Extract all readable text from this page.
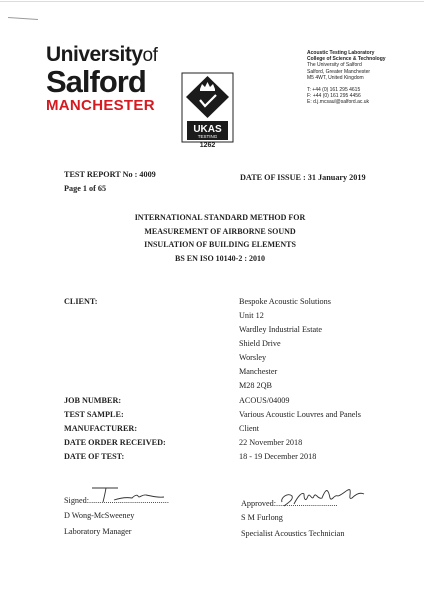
Universityof
Salford
MANCHESTER
UKAS
TESTING
1262
Acoustic Testing Laboratory
College of Science & Technology
The University of Salford
Salford, Greater Manchester
M5 4WT, United Kingdom
T: +44 (0) 161 295 4615
F: +44 (0) 161 295 4456
E: d.j.mcsaul@salford.ac.uk
TEST REPORT No : 4009
Page 1 of 65
DATE OF ISSUE : 31 January 2019
INTERNATIONAL STANDARD METHOD FOR
MEASUREMENT OF AIRBORNE SOUND
INSULATION OF BUILDING ELEMENTS
BS EN ISO 10140-2 : 2010
CLIENT:
JOB NUMBER:
TEST SAMPLE:
MANUFACTURER:
DATE ORDER RECEIVED:
DATE OF TEST:
Bespoke Acoustic Solutions
Unit 12
Wardley Industrial Estate
Shield Drive
Worsley
Manchester
M28 2QB
ACOUS/04009
Various Acoustic Louvres and Panels
Client
22 November 2018
18 - 19 December 2018
Signed:.......................................
D Wong-McSweeney
Laboratory Manager
Approved:..............................
S M Furlong
Specialist Acoustics Technician
